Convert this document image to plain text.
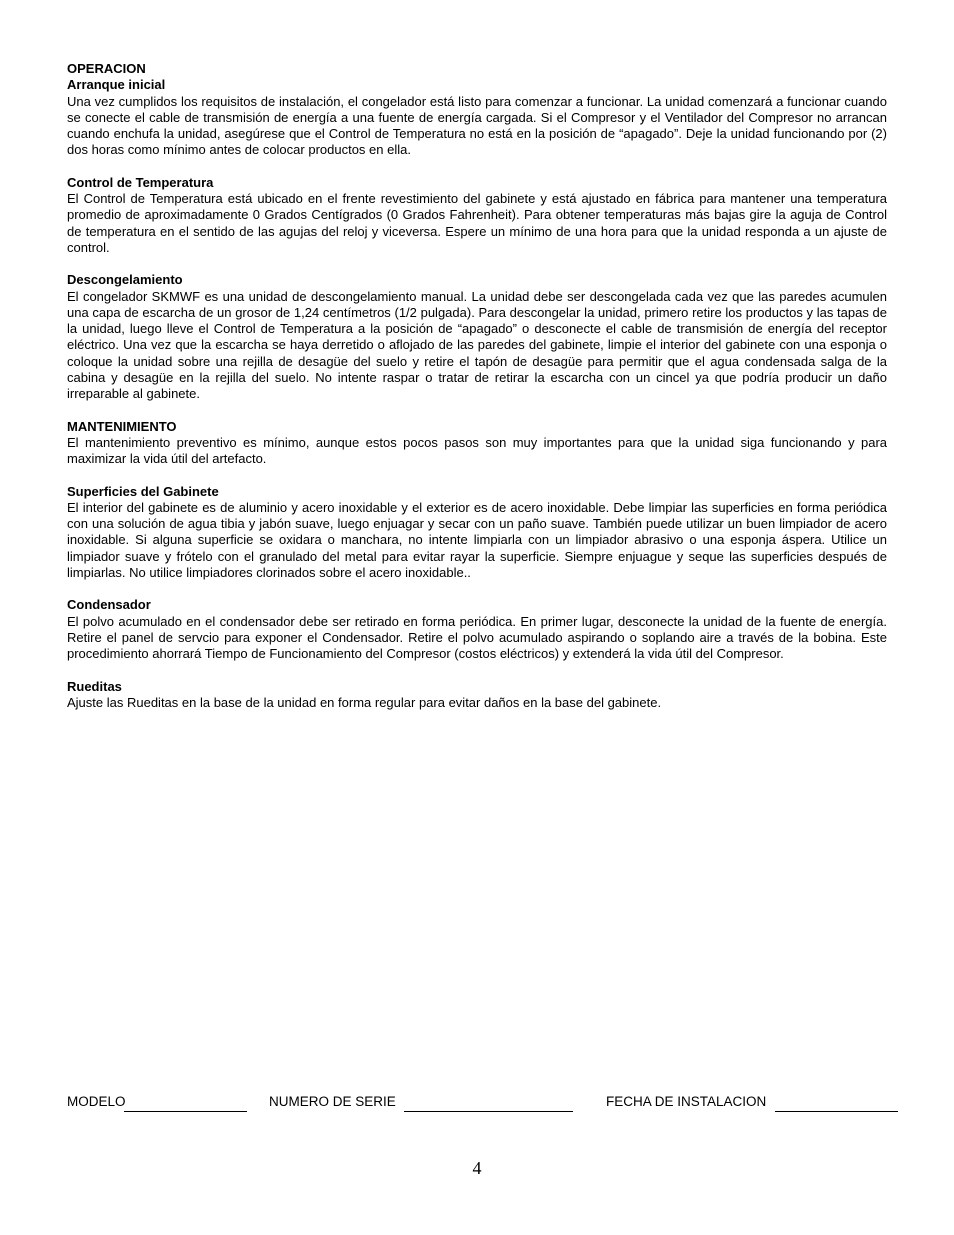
OPERACION
Arranque inicial
Una vez cumplidos los requisitos de instalación, el congelador está listo para comenzar a funcionar. La unidad comenzará a funcionar cuando se conecte el cable de transmisión de energía a una fuente de energía cargada. Si el Compresor y el Ventilador del Compresor no arrancan cuando enchufa la unidad, asegúrese que el Control de Temperatura no está en la posición de “apagado”. Deje la unidad funcionando por (2) dos horas como mínimo antes de colocar productos en ella.
Control de Temperatura
El Control de Temperatura está ubicado en el frente revestimiento del gabinete y está ajustado en fábrica para mantener una temperatura promedio de aproximadamente 0 Grados Centígrados (0 Grados Fahrenheit). Para obtener temperaturas más bajas gire la aguja de Control de temperatura en el sentido de las agujas del reloj y viceversa. Espere un mínimo de una hora para que la unidad responda a un ajuste de control.
Descongelamiento
El congelador SKMWF es una unidad de descongelamiento manual. La unidad debe ser descongelada cada vez que las paredes acumulen una capa de escarcha de un grosor de 1,24 centímetros (1/2 pulgada). Para descongelar la unidad, primero retire los productos y las tapas de la unidad, luego lleve el Control de Temperatura a la posición de “apagado” o desconecte el cable de transmisión de energía del receptor eléctrico. Una vez que la escarcha se haya derretido o aflojado de las paredes del gabinete, limpie el interior del gabinete con una esponja o coloque la unidad sobre una rejilla de desagüe del suelo y retire el tapón de desagüe para permitir que el agua condensada salga de la cabina y desagüe en la rejilla del suelo. No intente raspar o tratar de retirar la escarcha con un cincel ya que podría producir un daño irreparable al gabinete.
MANTENIMIENTO
El mantenimiento preventivo es mínimo, aunque estos pocos pasos son muy importantes para que la unidad siga funcionando y para maximizar la vida útil del artefacto.
Superficies del Gabinete
El interior del gabinete es de aluminio y acero inoxidable y el exterior es de acero inoxidable. Debe limpiar las superficies en forma periódica con una solución de agua tibia y jabón suave, luego enjuagar y secar con un paño suave. También puede utilizar un buen limpiador de acero inoxidable. Si alguna superficie se oxidara o manchara, no intente limpiarla con un limpiador abrasivo o una esponja áspera. Utilice un limpiador suave y frótelo con el granulado del metal para evitar rayar la superficie. Siempre enjuague y seque las superficies después de limpiarlas. No utilice limpiadores clorinados sobre el acero inoxidable..
Condensador
El polvo acumulado en el condensador debe ser retirado en forma periódica. En primer lugar, desconecte la unidad de la fuente de energía. Retire el panel de servcio para exponer el Condensador. Retire el polvo acumulado aspirando o soplando aire a través de la bobina. Este procedimiento ahorrará Tiempo de Funcionamiento del Compresor (costos eléctricos) y extenderá la vida útil del Compresor.
Rueditas
Ajuste las Rueditas en la base de la unidad en forma regular para evitar daños en la base del gabinete.
MODELO	NUMERO DE SERIE	FECHA DE INSTALACION
4
